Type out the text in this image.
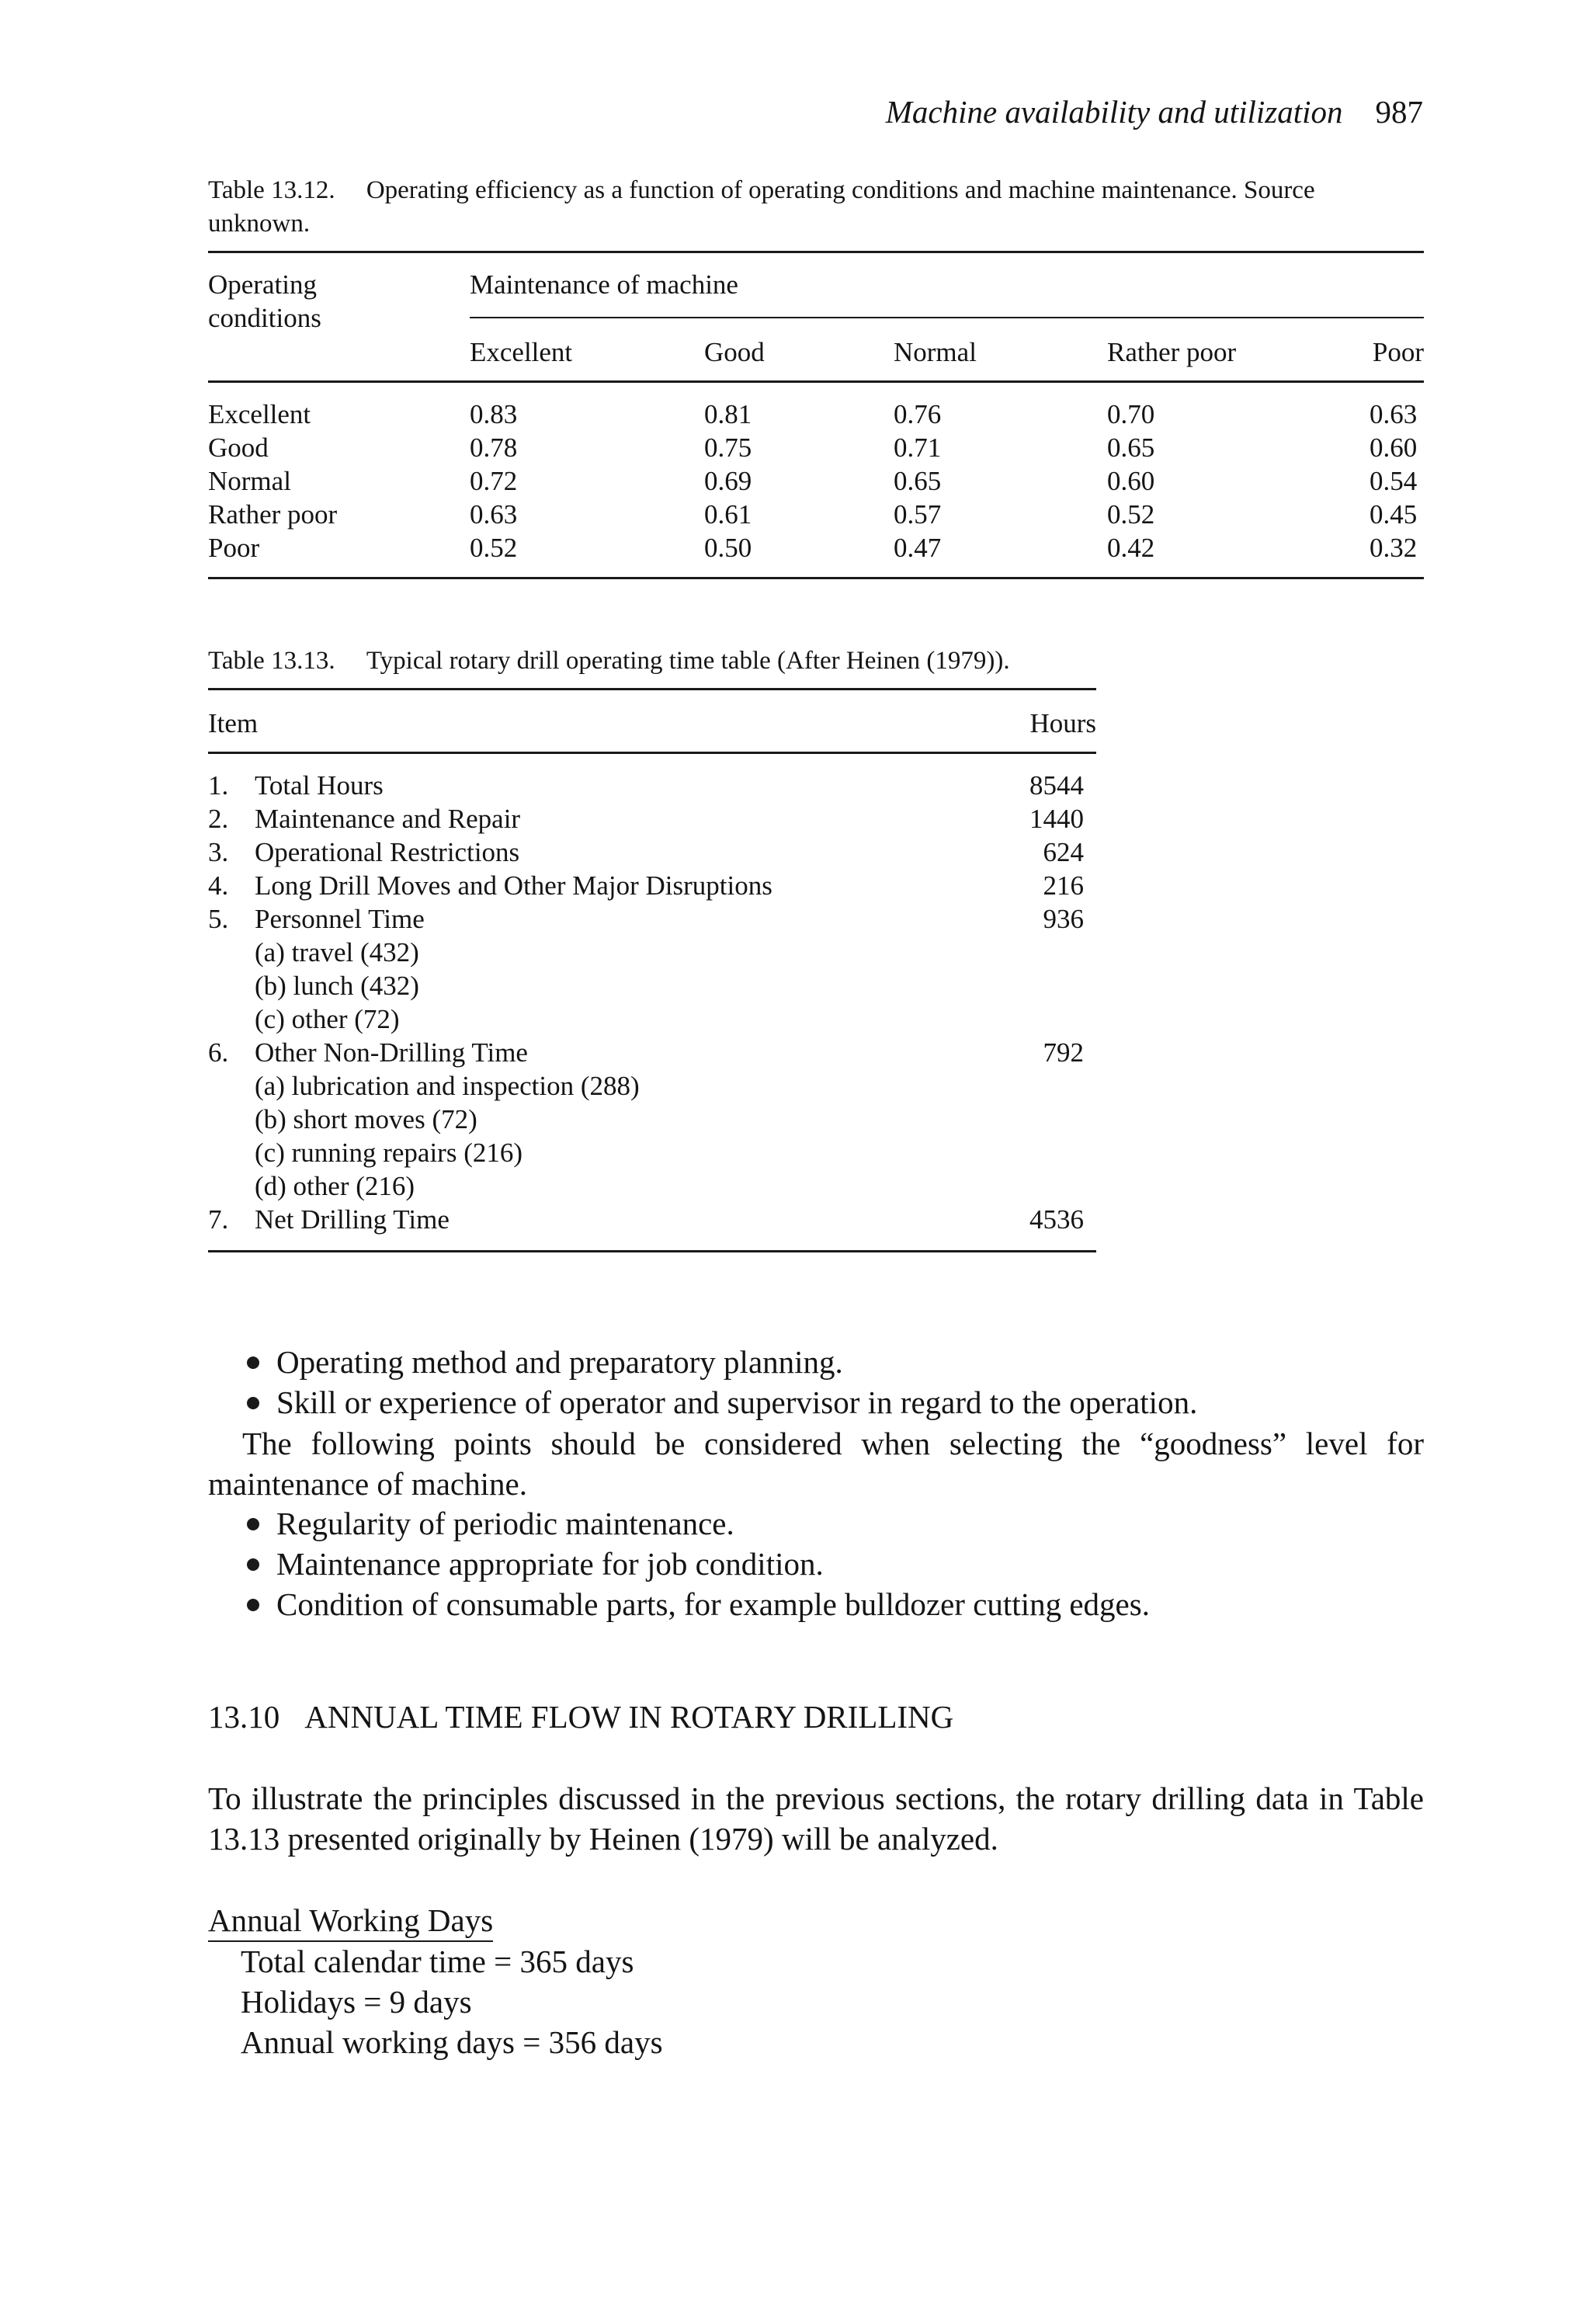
Machine availability and utilization 987
Table 13.12. Operating efficiency as a function of operating conditions and machine maintenance. Source
unknown.
Operating
conditions
Maintenance of machine
Excellent	Good	Normal	Rather poor	Poor
Excellent	0.83	0.81	0.76	0.70	0.63
Good	0.78	0.75	0.71	0.65	0.60
Normal	0.72	0.69	0.65	0.60	0.54
Rather poor	0.63	0.61	0.57	0.52	0.45
Poor	0.52	0.50	0.47	0.42	0.32
Table 13.13. Typical rotary drill operating time table (After Heinen (1979)).
Item	Hours
1. Total Hours	8544
2. Maintenance and Repair	1440
3. Operational Restrictions	624
4. Long Drill Moves and Other Major Disruptions	216
5. Personnel Time	936
(a) travel (432)
(b) lunch (432)
(c) other (72)
6. Other Non-Drilling Time	792
(a) lubrication and inspection (288)
(b) short moves (72)
(c) running repairs (216)
(d) other (216)
7. Net Drilling Time	4536
Operating method and preparatory planning.
Skill or experience of operator and supervisor in regard to the operation.
The following points should be considered when selecting the “goodness” level for maintenance of machine.
Regularity of periodic maintenance.
Maintenance appropriate for job condition.
Condition of consumable parts, for example bulldozer cutting edges.
13.10 ANNUAL TIME FLOW IN ROTARY DRILLING
To illustrate the principles discussed in the previous sections, the rotary drilling data in Table 13.13 presented originally by Heinen (1979) will be analyzed.
Annual Working Days
Total calendar time = 365 days
Holidays = 9 days
Annual working days = 356 days
